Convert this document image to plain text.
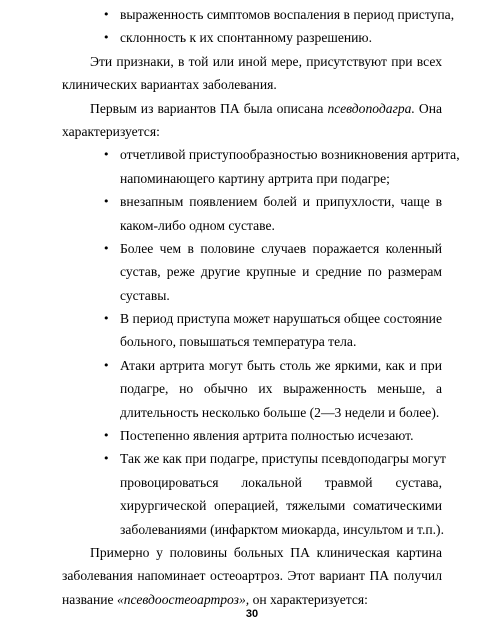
• выраженность симптомов воспаления в период приступа,
• склонность к их спонтанному разрешению.
Эти признаки, в той или иной мере, присутствуют при всех
клинических вариантах заболевания.
Первым из вариантов ПА была описана псевдоподагра. Она
характеризуется:
• отчетливой приступообразностью возникновения артрита,
напоминающего картину артрита при подагре;
• внезапным появлением болей и припухлости, чаще в
каком-либо одном суставе.
• Более чем в половине случаев поражается коленный
сустав, реже другие крупные и средние по размерам
суставы.
• В период приступа может нарушаться общее состояние
больного, повышаться температура тела.
• Атаки артрита могут быть столь же яркими, как и при
подагре, но обычно их выраженность меньше, а
длительность несколько больше (2—3 недели и более).
• Постепенно явления артрита полностью исчезают.
• Так же как при подагре, приступы псевдоподагры могут
провоцироваться локальной травмой сустава,
хирургической операцией, тяжелыми соматическими
заболеваниями (инфарктом миокарда, инсультом и т.п.).
Примерно у половины больных ПА клиническая картина
заболевания напоминает остеоартроз. Этот вариант ПА получил
название «псевдоостеоартроз», он характеризуется:
30
